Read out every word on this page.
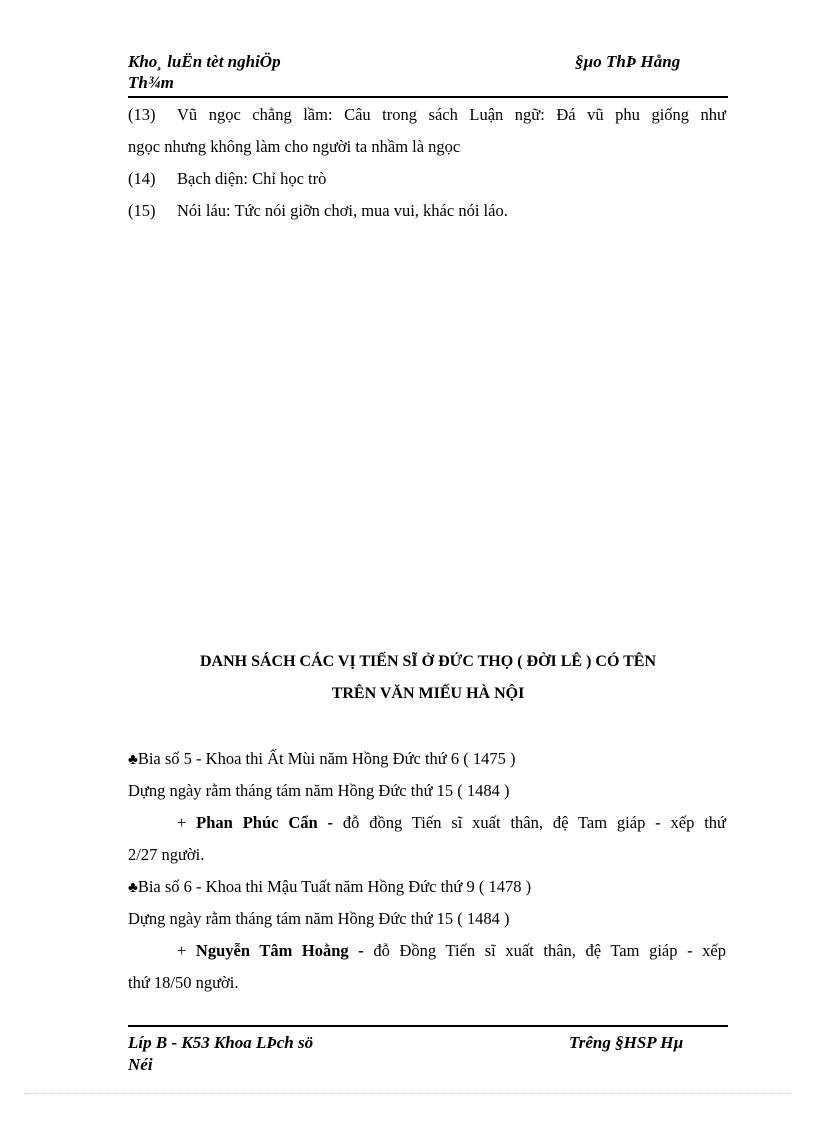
Kho¸ luËn tèt nghiÖp
Th¾m
§µo ThÞ Hång
(13) Vũ ngọc chẳng lầm: Câu trong sách Luận ngữ: Đá vũ phu giống như
ngọc nhưng không làm cho người ta nhầm là ngọc
(14) Bạch diện: Chỉ học trò
(15) Nói láu: Tức nói giỡn chơi, mua vui, khác nói láo.
DANH SÁCH CÁC VỊ TIẾN SĨ Ở ĐỨC THỌ ( ĐỜI LÊ ) CÓ TÊN
TRÊN VĂN MIẾU HÀ NỘI
♣Bia số 5 - Khoa thi Ất Mùi năm Hồng Đức thứ 6 ( 1475 )
Dựng ngày rằm tháng tám năm Hồng Đức thứ 15 ( 1484 )
+ Phan Phúc Cẩn - đỗ đồng Tiến sĩ xuất thân, đệ Tam giáp - xếp thứ
2/27 người.
♣Bia số 6 - Khoa thi Mậu Tuất năm Hồng Đức thứ 9 ( 1478 )
Dựng ngày rằm tháng tám năm Hồng Đức thứ 15 ( 1484 )
+ Nguyễn Tâm Hoằng - đỗ Đồng Tiến sĩ xuất thân, đệ Tam giáp - xếp
thứ 18/50 người.
Líp B - K53 Khoa LÞch sö
Néi
Trêng §HSP Hµ
